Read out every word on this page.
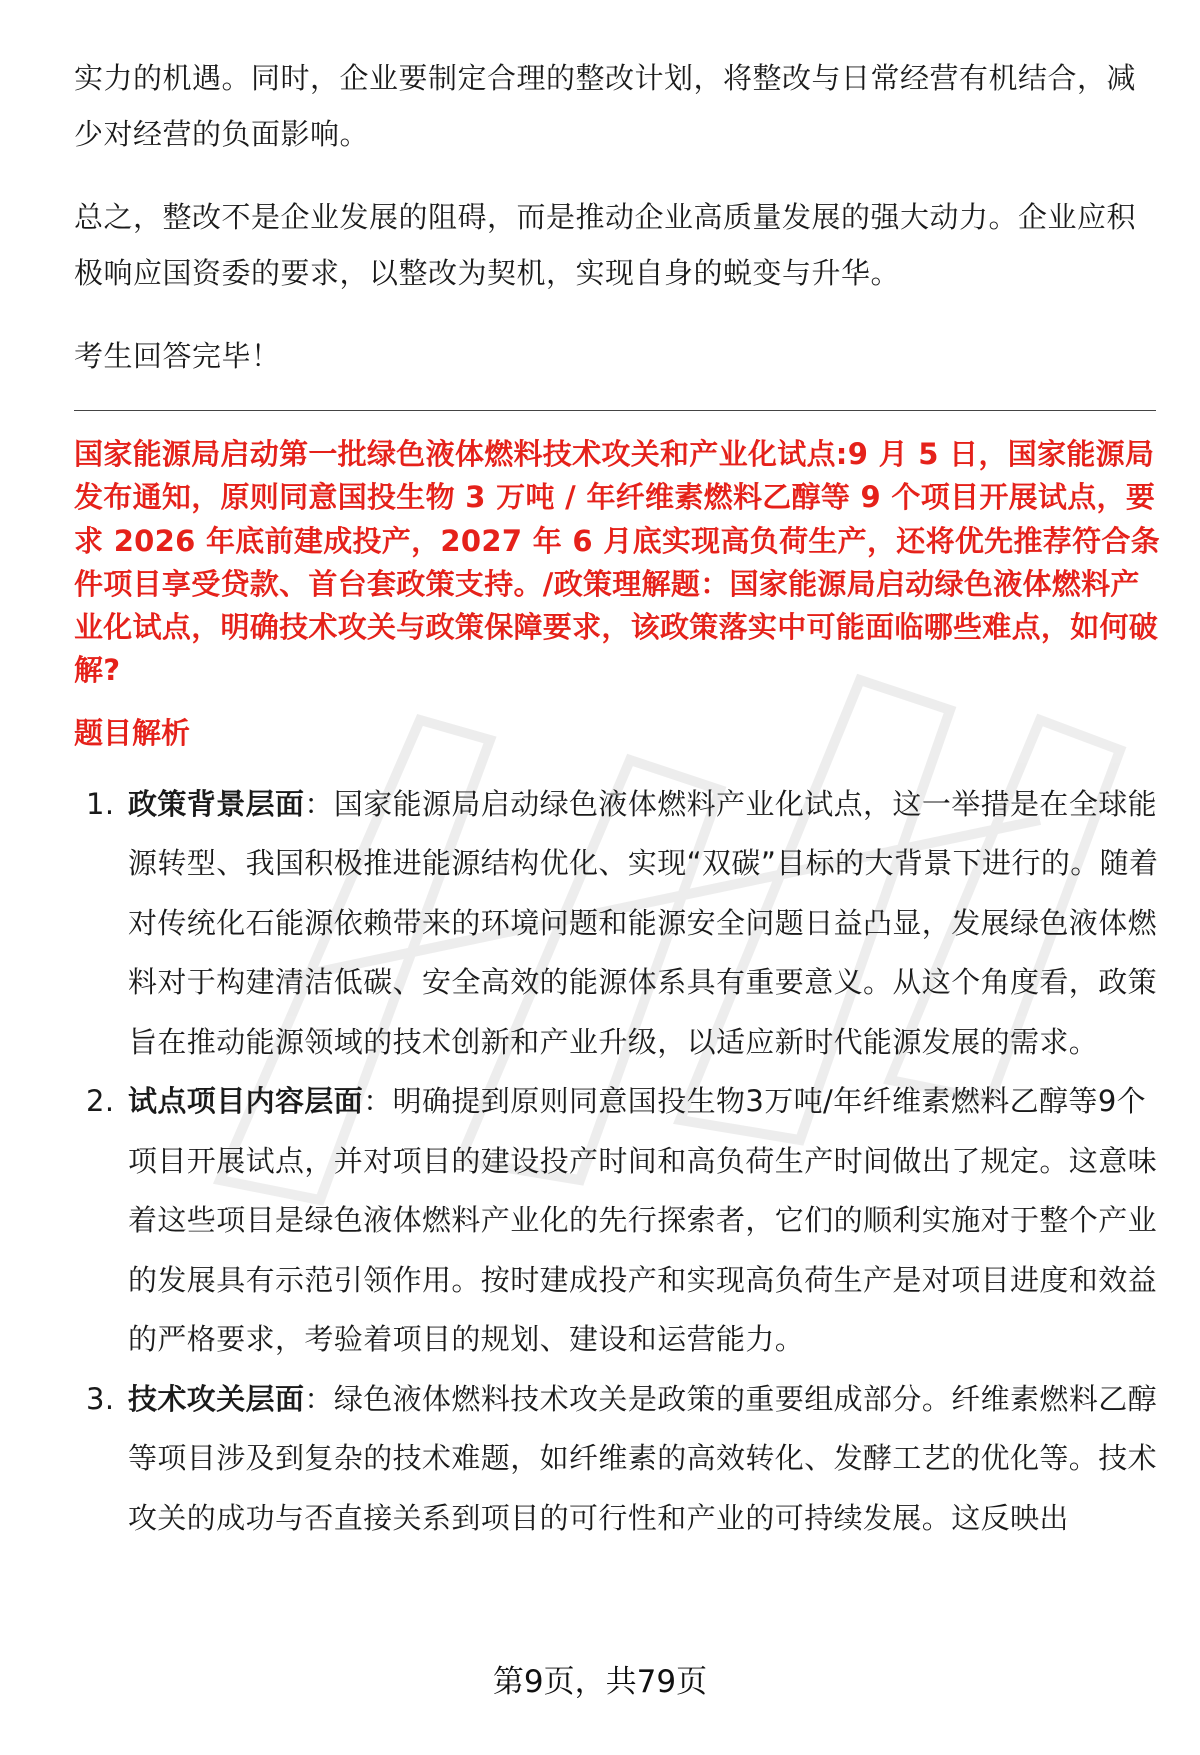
实力的机遇。同时，企业要制定合理的整改计划，将整改与日常经营有机结合，减少对经营的负面影响。

总之，整改不是企业发展的阻碍，而是推动企业高质量发展的强大动力。企业应积极响应国资委的要求，以整改为契机，实现自身的蜕变与升华。

考生回答完毕！

国家能源局启动第一批绿色液体燃料技术攻关和产业化试点:9 月 5 日，国家能源局发布通知，原则同意国投生物 3 万吨 / 年纤维素燃料乙醇等 9 个项目开展试点，要求 2026 年底前建成投产，2027 年 6 月底实现高负荷生产，还将优先推荐符合条件项目享受贷款、首台套政策支持。/政策理解题：国家能源局启动绿色液体燃料产业化试点，明确技术攻关与政策保障要求，该政策落实中可能面临哪些难点，如何破解?

题目解析
1. 政策背景层面：国家能源局启动绿色液体燃料产业化试点，这一举措是在全球能源转型、我国积极推进能源结构优化、实现“双碳”目标的大背景下进行的。随着对传统化石能源依赖带来的环境问题和能源安全问题日益凸显，发展绿色液体燃料对于构建清洁低碳、安全高效的能源体系具有重要意义。从这个角度看，政策旨在推动能源领域的技术创新和产业升级，以适应新时代能源发展的需求。
2. 试点项目内容层面：明确提到原则同意国投生物3万吨/年纤维素燃料乙醇等9个项目开展试点，并对项目的建设投产时间和高负荷生产时间做出了规定。这意味着这些项目是绿色液体燃料产业化的先行探索者，它们的顺利实施对于整个产业的发展具有示范引领作用。按时建成投产和实现高负荷生产是对项目进度和效益的严格要求，考验着项目的规划、建设和运营能力。
3. 技术攻关层面：绿色液体燃料技术攻关是政策的重要组成部分。纤维素燃料乙醇等项目涉及到复杂的技术难题，如纤维素的高效转化、发酵工艺的优化等。技术攻关的成功与否直接关系到项目的可行性和产业的可持续发展。这反映出
第9页，共79页
